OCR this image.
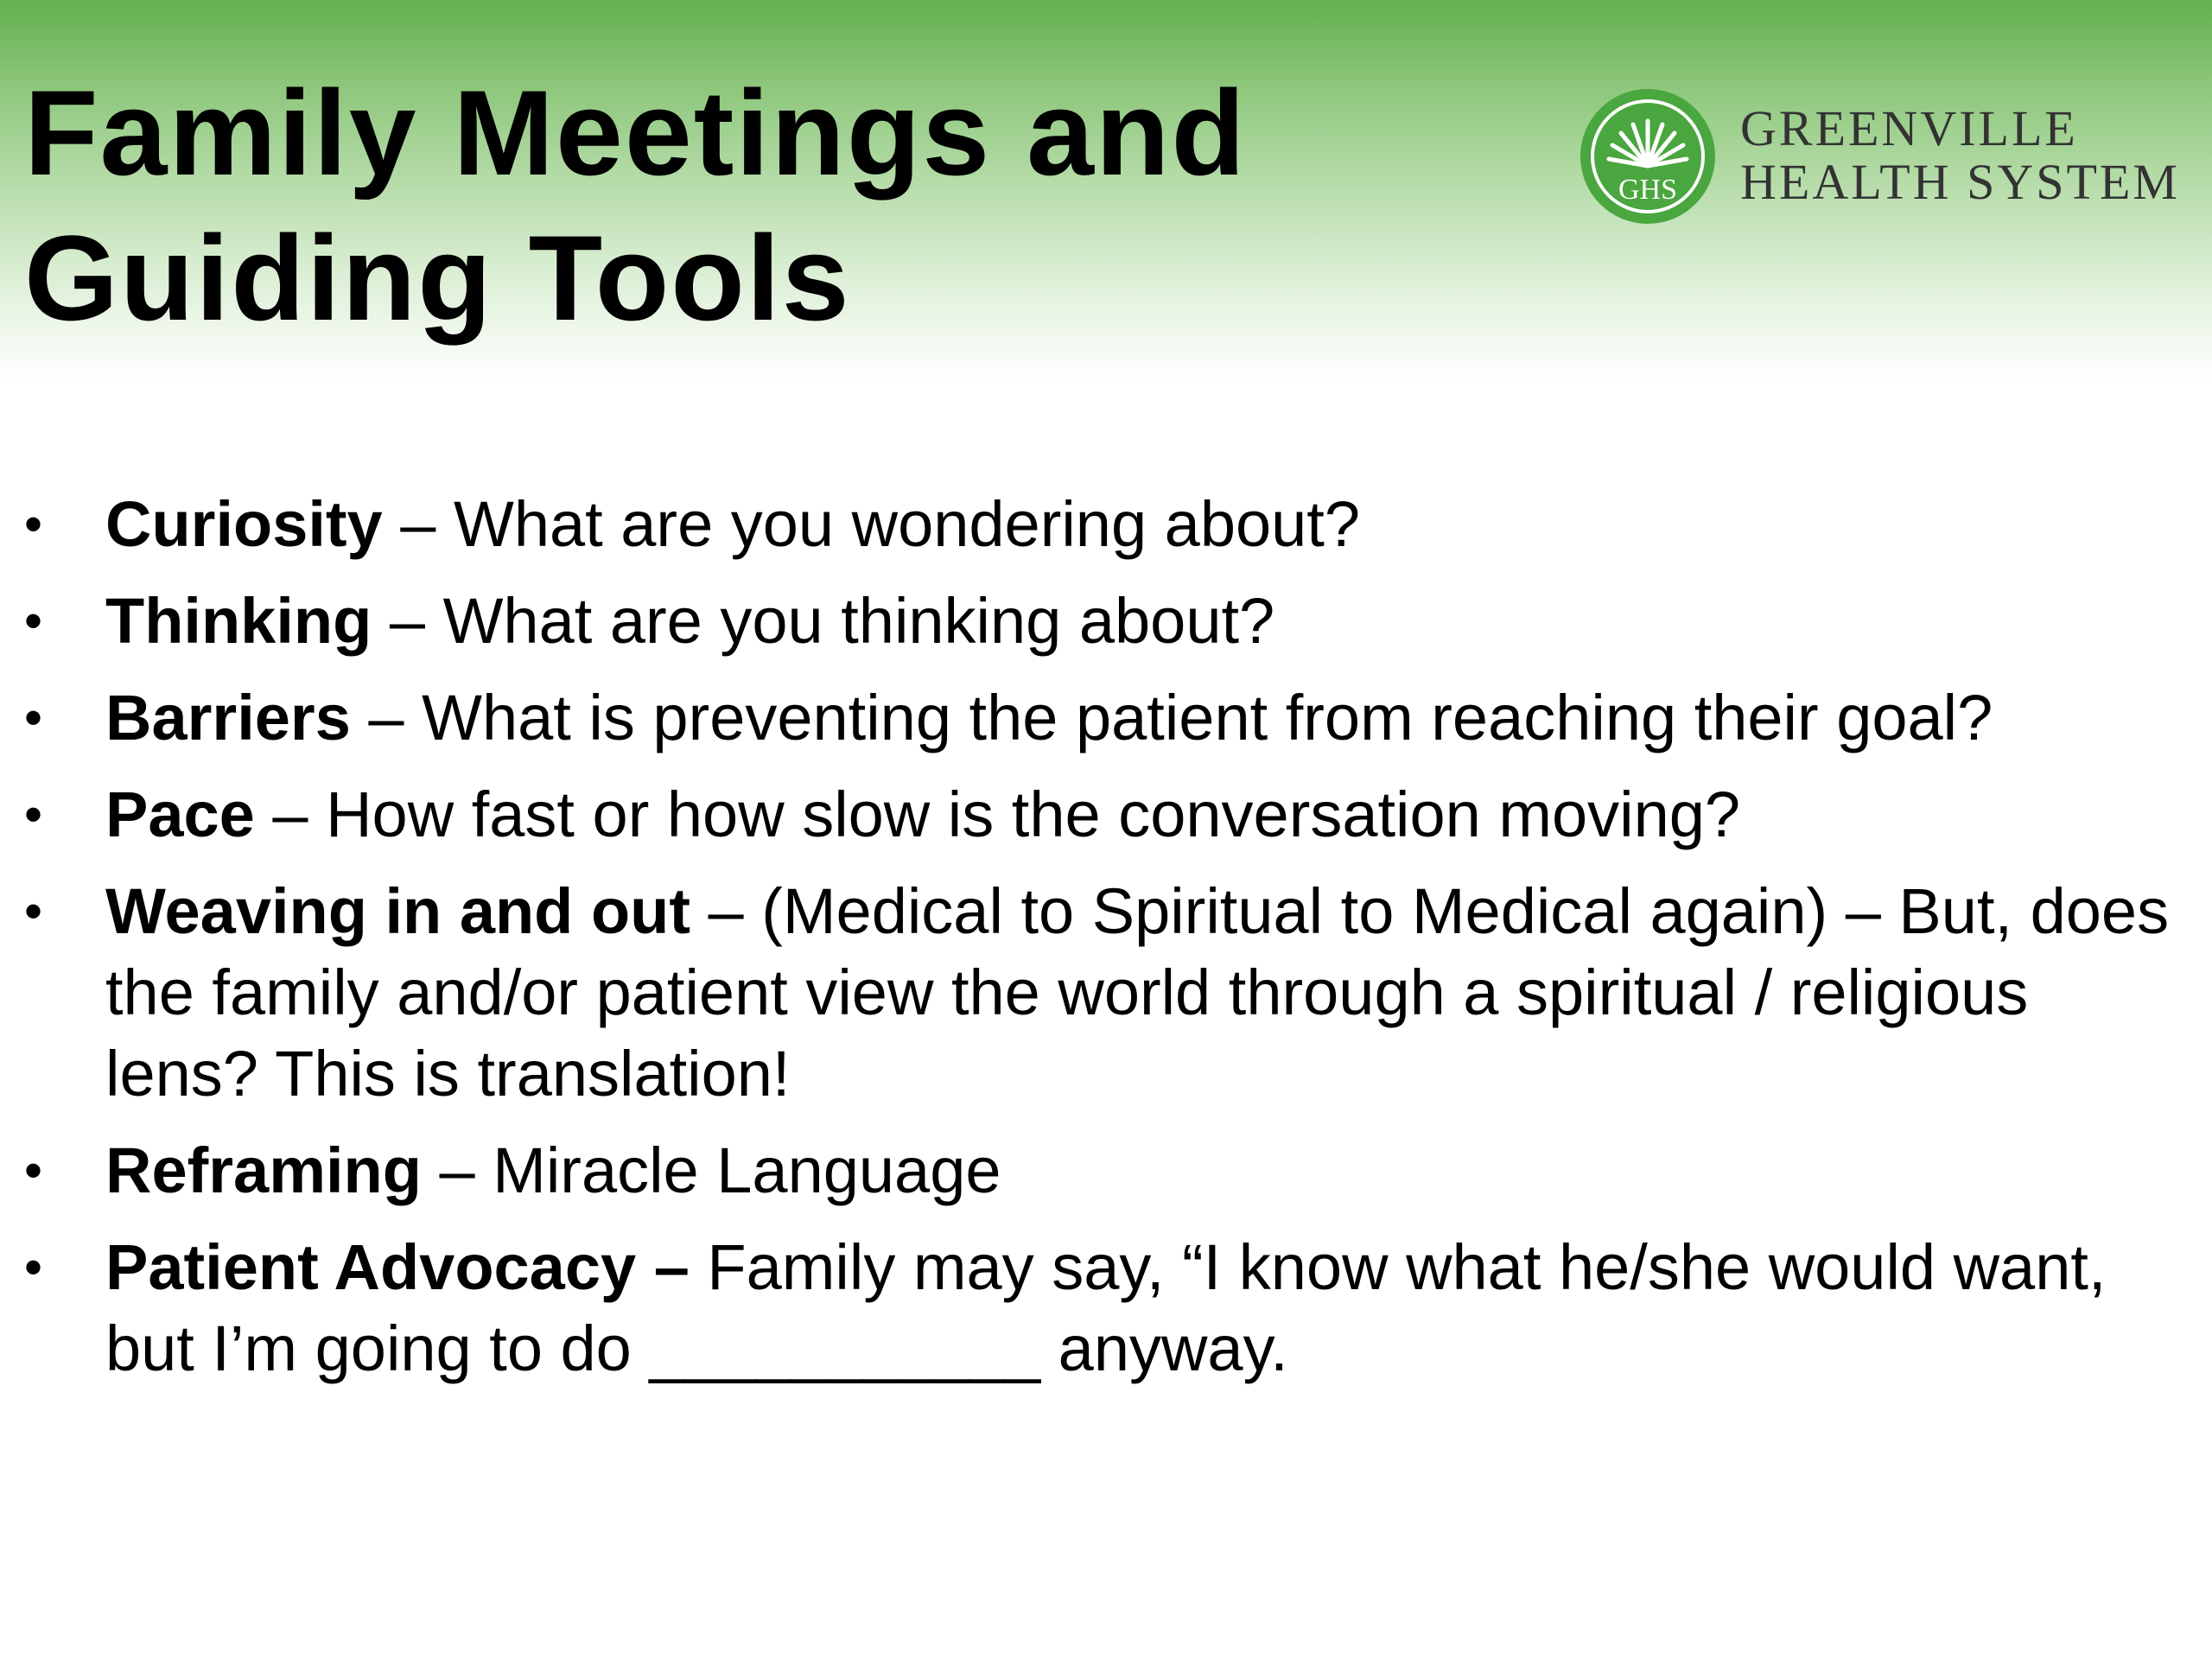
Family Meetings and
Guiding Tools
GHS
GREENVILLE
HEALTH SYSTEM
• Curiosity – What are you wondering about?
• Thinking – What are you thinking about?
• Barriers – What is preventing the patient from reaching their goal?
• Pace – How fast or how slow is the conversation moving?
• Weaving in and out – (Medical to Spiritual to Medical again) – But, does the family and/or patient view the world through a spiritual / religious lens? This is translation!
• Reframing – Miracle Language
• Patient Advocacy – Family may say, “I know what he/she would want, but I’m going to do ___________ anyway.
